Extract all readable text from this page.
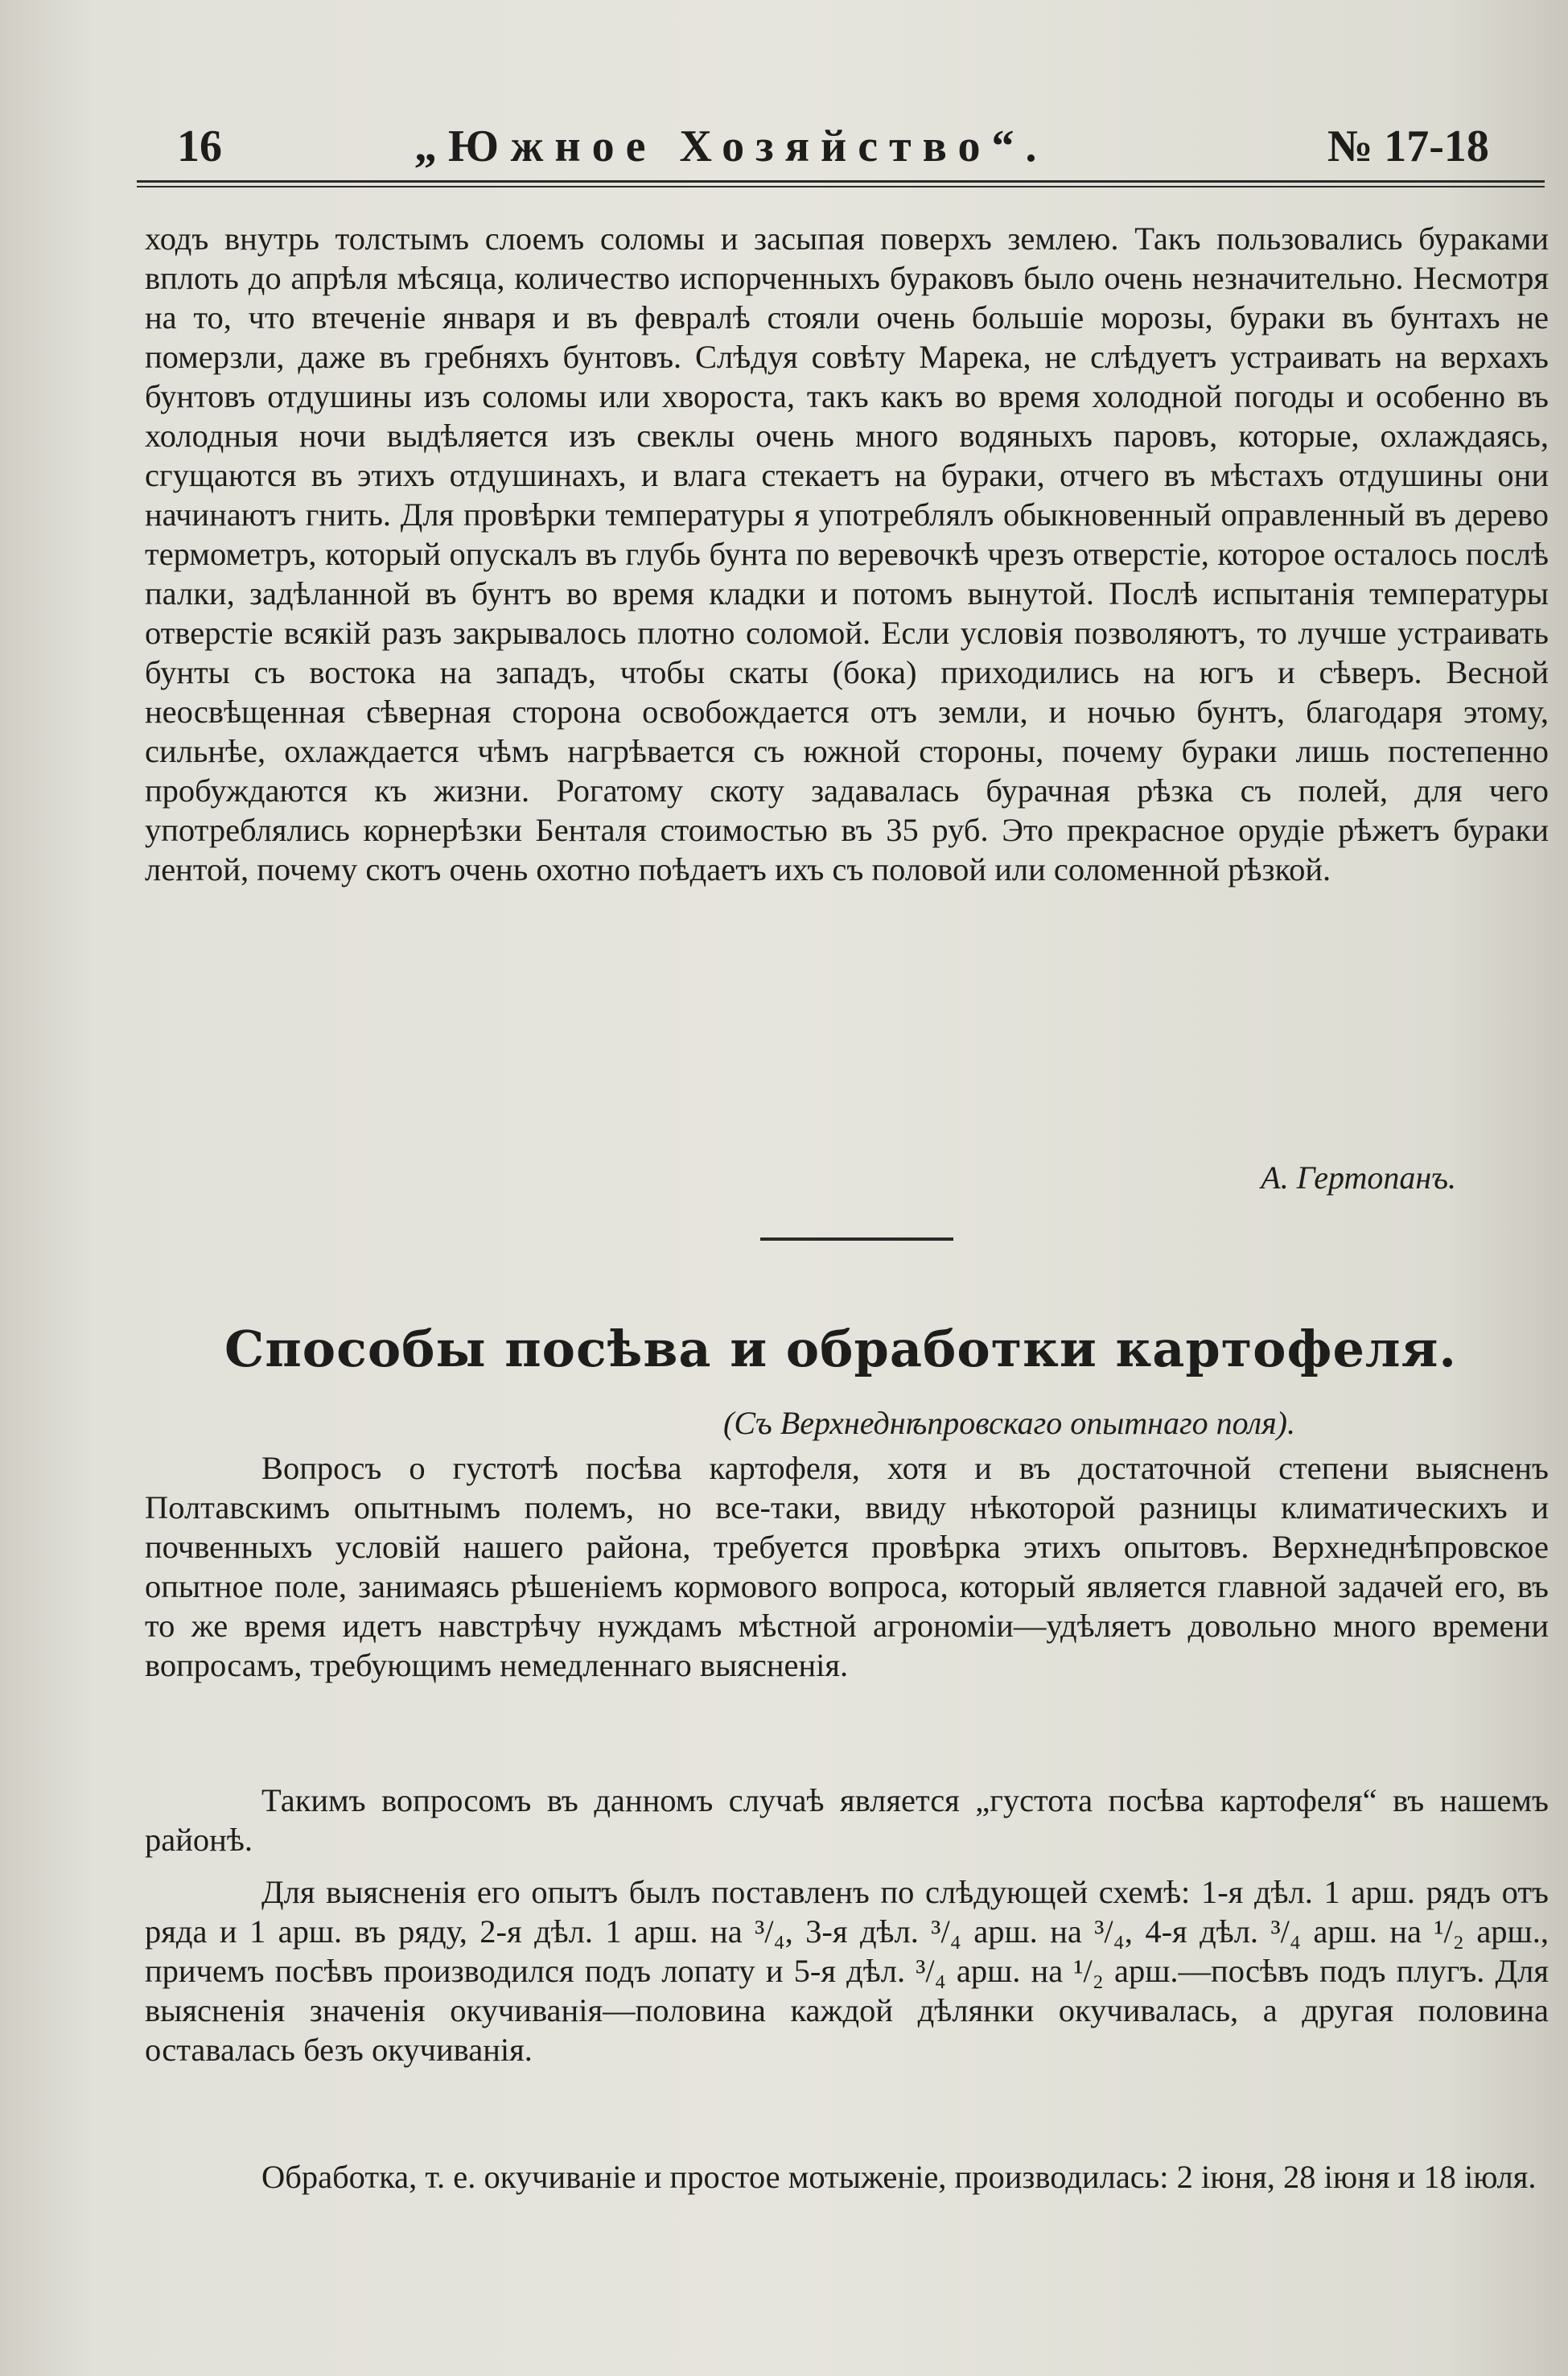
16	„Южное Хозяйство“.	№ 17-18

ходъ внутрь толстымъ слоемъ соломы и засыпая поверхъ землею. Такъ пользовались бураками вплоть до апрѣля мѣсяца, количество испорченныхъ бураковъ было очень незначительно. Несмотря на то, что втеченіе января и въ февралѣ стояли очень большіе морозы, бураки въ бунтахъ не померзли, даже въ гребняхъ бунтовъ. Слѣдуя совѣту Марека, не слѣдуетъ устраивать на верхахъ бунтовъ отдушины изъ соломы или хвороста, такъ какъ во время холодной погоды и особенно въ холодныя ночи выдѣляется изъ свеклы очень много водяныхъ паровъ, которые, охлаждаясь, сгущаются въ этихъ отдушинахъ, и влага стекаетъ на бураки, отчего въ мѣстахъ отдушины они начинаютъ гнить. Для провѣрки температуры я употреблялъ обыкновенный оправленный въ дерево термометръ, который опускалъ въ глубь бунта по веревочкѣ чрезъ отверстіе, которое осталось послѣ палки, задѣланной въ бунтъ во время кладки и потомъ вынутой. Послѣ испытанія температуры отверстіе всякій разъ закрывалось плотно соломой. Если условія позволяютъ, то лучше устраивать бунты съ востока на западъ, чтобы скаты (бока) приходились на югъ и сѣверъ. Весной неосвѣщенная сѣверная сторона освобождается отъ земли, и ночью бунтъ, благодаря этому, сильнѣе, охлаждается чѣмъ нагрѣвается съ южной стороны, почему бураки лишь постепенно пробуждаются къ жизни. Рогатому скоту задавалась бурачная рѣзка съ полей, для чего употреблялись корнерѣзки Бенталя стоимостью въ 35 руб. Это прекрасное орудіе рѣжетъ бураки лентой, почему скотъ очень охотно поѣдаетъ ихъ съ половой или соломенной рѣзкой.

А. Гертопанъ.
Способы посѣва и обработки картофеля.
(Съ Верхнеднѣпровскаго опытнаго поля).

Вопросъ о густотѣ посѣва картофеля, хотя и въ достаточной степени выясненъ Полтавскимъ опытнымъ полемъ, но все-таки, ввиду нѣкоторой разницы климатическихъ и почвенныхъ условій нашего района, требуется провѣрка этихъ опытовъ. Верхнеднѣпровское опытное поле, занимаясь рѣшеніемъ кормового вопроса, который является главной задачей его, въ то же время идетъ навстрѣчу нуждамъ мѣстной агрономіи—удѣляетъ довольно много времени вопросамъ, требующимъ немедленнаго выясненія.

Такимъ вопросомъ въ данномъ случаѣ является „густота посѣва картофеля“ въ нашемъ районѣ.

Для выясненія его опытъ былъ поставленъ по слѣдующей схемѣ: 1-я дѣл. 1 арш. рядъ отъ ряда и 1 арш. въ ряду, 2-я дѣл. 1 арш. на ³/₄, 3-я дѣл. ³/₄ арш. на ³/₄, 4-я дѣл. ³/₄ арш. на ¹/₂ арш., причемъ посѣвъ производился подъ лопату и 5-я дѣл. ³/₄ арш. на ¹/₂ арш.—посѣвъ подъ плугъ. Для выясненія значенія окучиванія—половина каждой дѣлянки окучивалась, а другая половина оставалась безъ окучиванія.

Обработка, т. е. окучиваніе и простое мотыженіе, производилась: 2 іюня, 28 іюня и 18 іюля.
